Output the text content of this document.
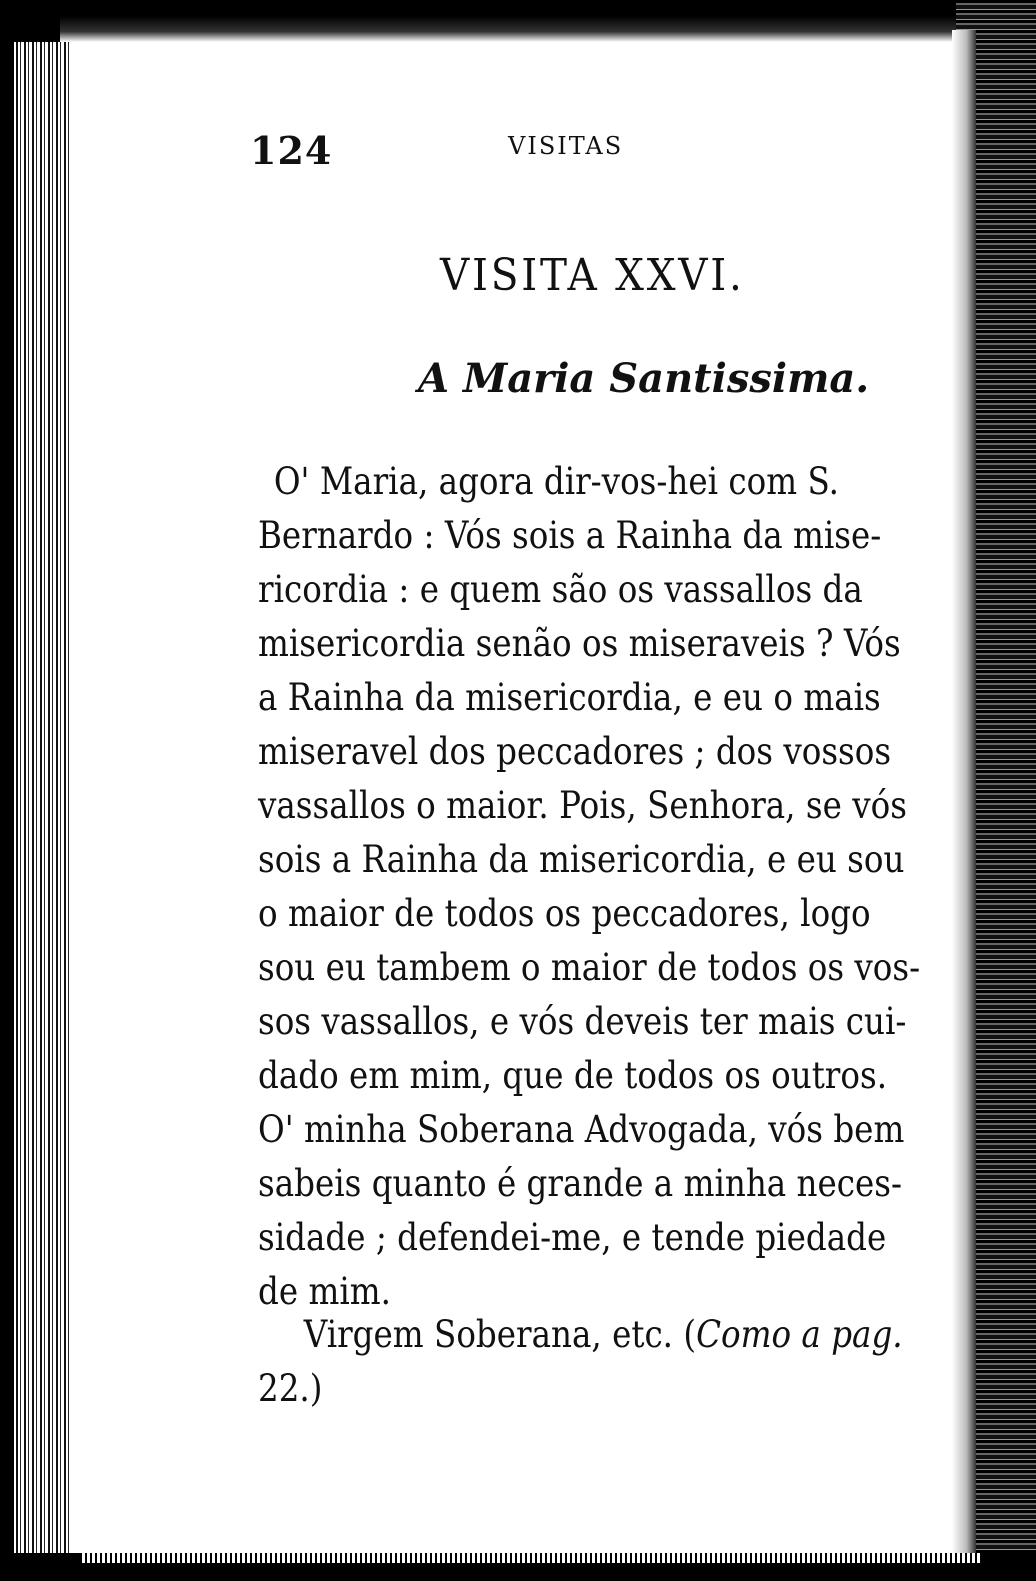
124	VISITAS
VISITA XXVI.
A Maria Santissima.
O' Maria, agora dir-vos-hei com S.
Bernardo : Vós sois a Rainha da mise-
ricordia : e quem são os vassallos da
misericordia senão os miseraveis ? Vós
a Rainha da misericordia, e eu o mais
miseravel dos peccadores ; dos vossos
vassallos o maior. Pois, Senhora, se vós
sois a Rainha da misericordia, e eu sou
o maior de todos os peccadores, logo
sou eu tambem o maior de todos os vos-
sos vassallos, e vós deveis ter mais cui-
dado em mim, que de todos os outros.
O' minha Soberana Advogada, vós bem
sabeis quanto é grande a minha neces-
sidade ; defendei-me, e tende piedade
de mim.
Virgem Soberana, etc. (Como a pag.
22.)
